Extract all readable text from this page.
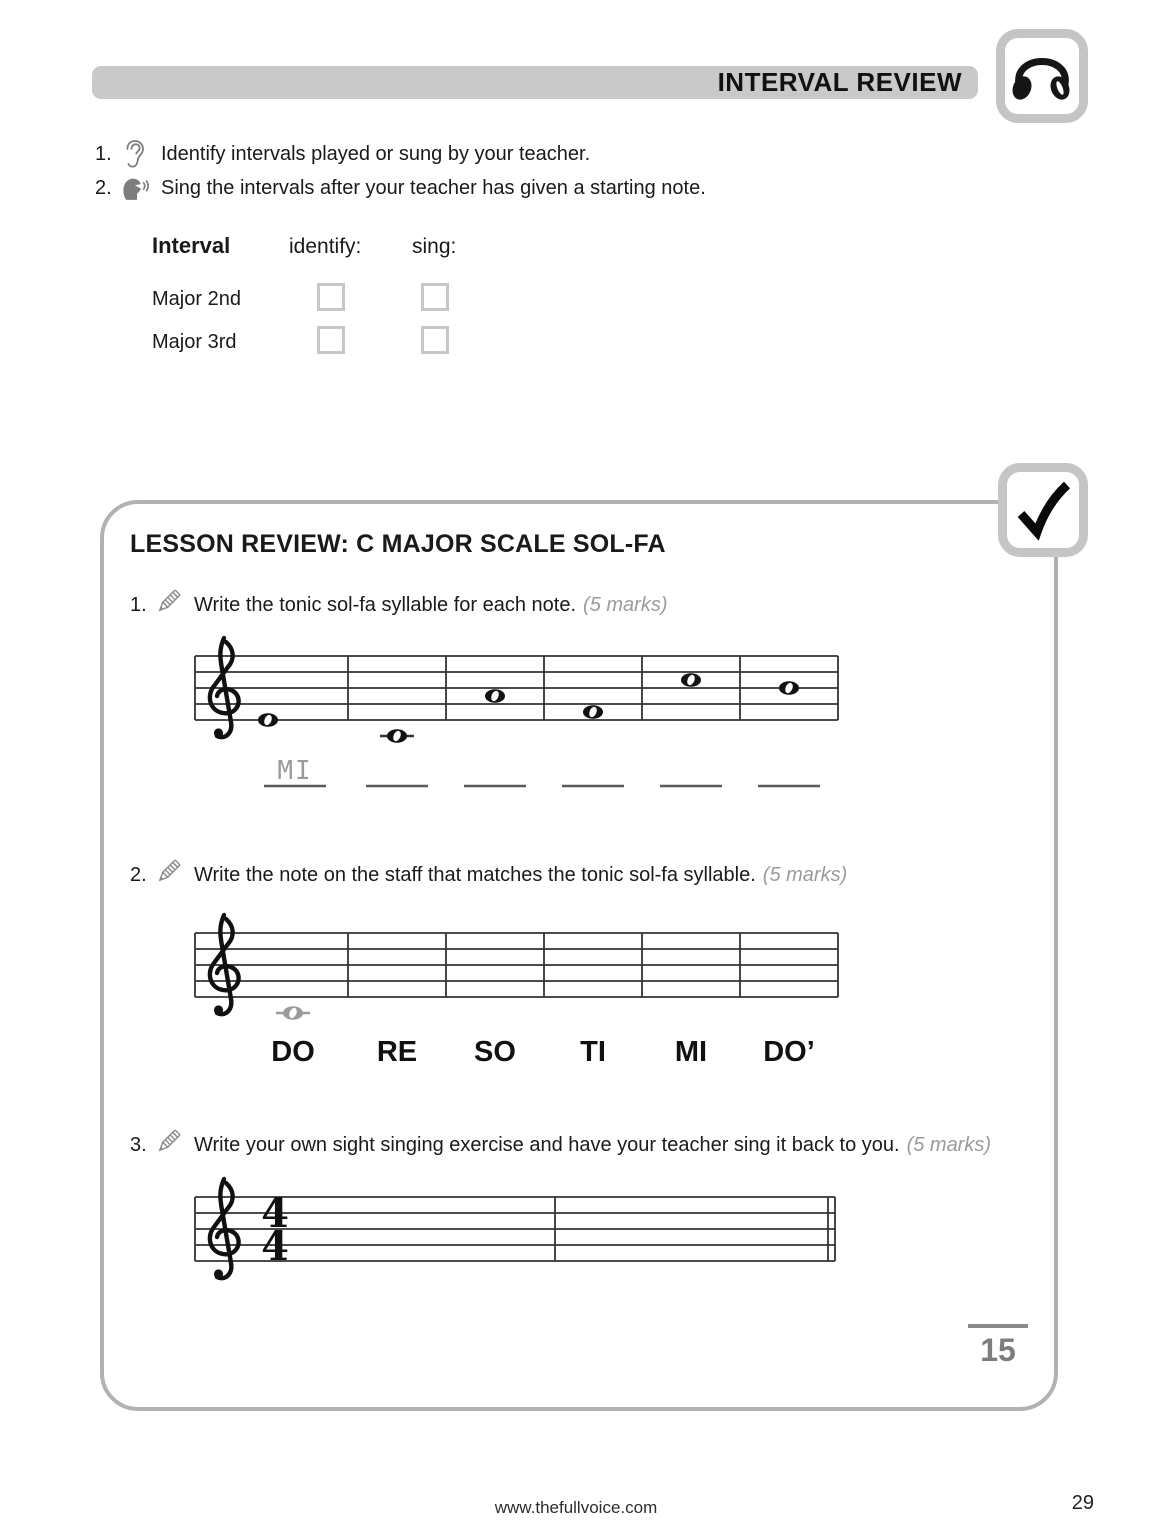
INTERVAL REVIEW
1.	Identify intervals played or sung by your teacher.
2.	Sing the intervals after your teacher has given a starting note.
Interval	identify: sing:
Major 2nd
Major 3rd
LESSON REVIEW: C MAJOR SCALE SOL-FA
1. Write the tonic sol-fa syllable for each note. (5 marks)
MI
2. Write the note on the staff that matches the tonic sol-fa syllable. (5 marks)
DO RE SO TI MI DO’
3. Write your own sight singing exercise and have your teacher sing it back to you. (5 marks)
4
4
15
www.thefullvoice.com	29
